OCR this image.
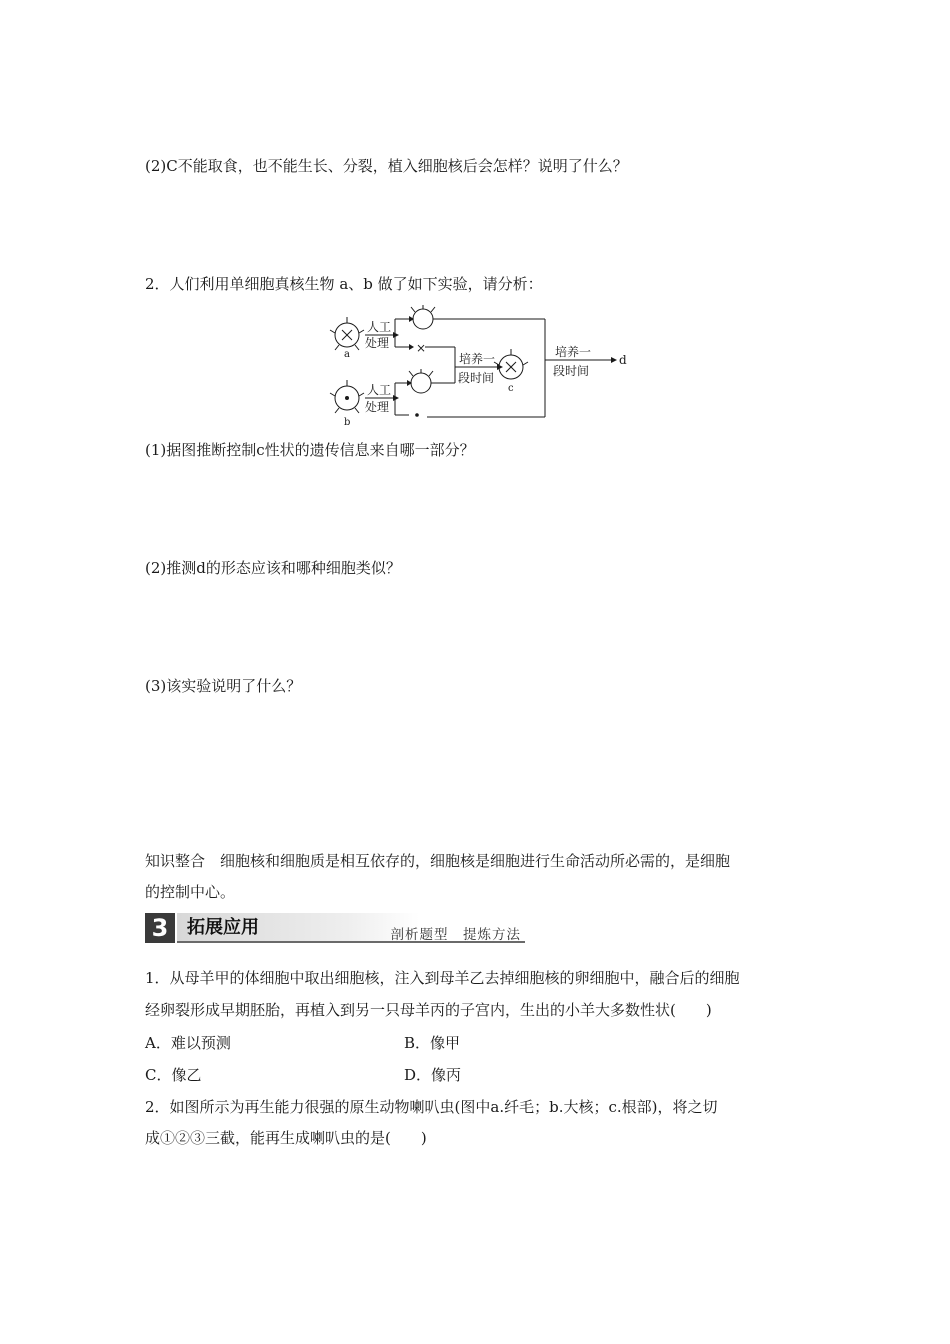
(2)C不能取食，也不能生长、分裂，植入细胞核后会怎样？说明了什么？
2．人们利用单细胞真核生物 a、b 做了如下实验，请分析：
a
b
c
d
人工
处理
人工
处理
×
培养一
段时间
培养一
段时间
(1)据图推断控制c性状的遗传信息来自哪一部分？
(2)推测d的形态应该和哪种细胞类似？
(3)该实验说明了什么？
知识整合　细胞核和细胞质是相互依存的，细胞核是细胞进行生命活动所必需的，是细胞
的控制中心。
3	拓展应用	剖析题型　提炼方法
1．从母羊甲的体细胞中取出细胞核，注入到母羊乙去掉细胞核的卵细胞中，融合后的细胞
经卵裂形成早期胚胎，再植入到另一只母羊丙的子宫内，生出的小羊大多数性状(　　)
A．难以预测	B．像甲
C．像乙	D．像丙
2．如图所示为再生能力很强的原生动物喇叭虫(图中a.纤毛；b.大核；c.根部)，将之切
成①②③三截，能再生成喇叭虫的是(　　)
